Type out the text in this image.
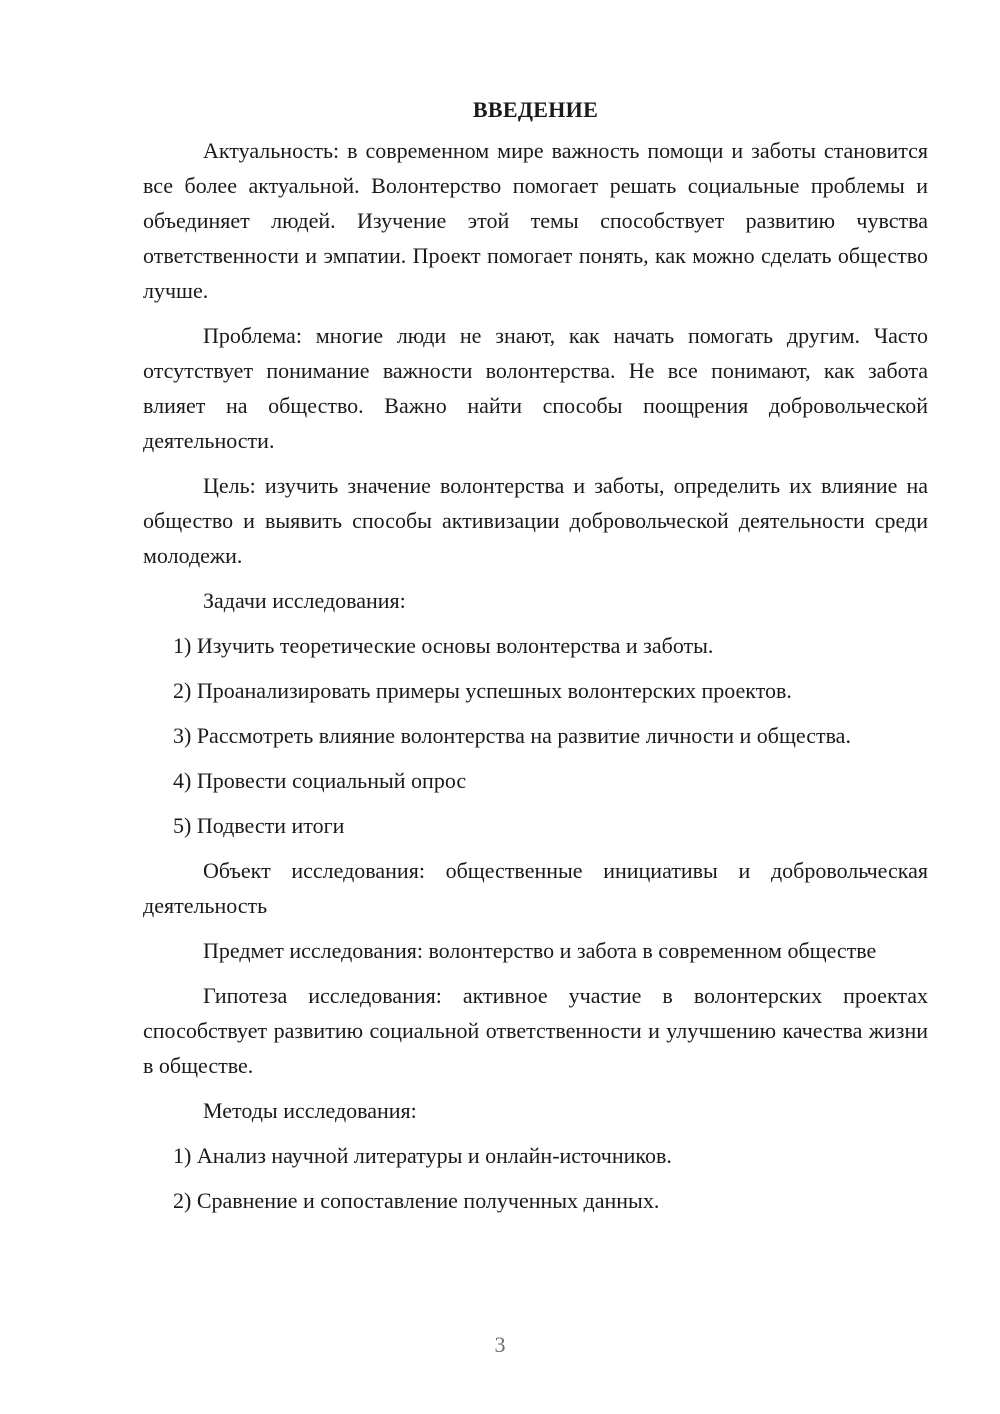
ВВЕДЕНИЕ

Актуальность: в современном мире важность помощи и заботы становится все более актуальной. Волонтерство помогает решать социальные проблемы и объединяет людей. Изучение этой темы способствует развитию чувства ответственности и эмпатии. Проект помогает понять, как можно сделать общество лучше.

Проблема: многие люди не знают, как начать помогать другим. Часто отсутствует понимание важности волонтерства. Не все понимают, как забота влияет на общество. Важно найти способы поощрения добровольческой деятельности.

Цель: изучить значение волонтерства и заботы, определить их влияние на общество и выявить способы активизации добровольческой деятельности среди молодежи.

Задачи исследования:

1) Изучить теоретические основы волонтерства и заботы.

2) Проанализировать примеры успешных волонтерских проектов.

3) Рассмотреть влияние волонтерства на развитие личности и общества.

4) Провести социальный опрос

5) Подвести итоги

Объект исследования: общественные инициативы и добровольческая деятельность

Предмет исследования: волонтерство и забота в современном обществе

Гипотеза исследования: активное участие в волонтерских проектах способствует развитию социальной ответственности и улучшению качества жизни в обществе.

Методы исследования:

1) Анализ научной литературы и онлайн-источников.

2) Сравнение и сопоставление полученных данных.

3
